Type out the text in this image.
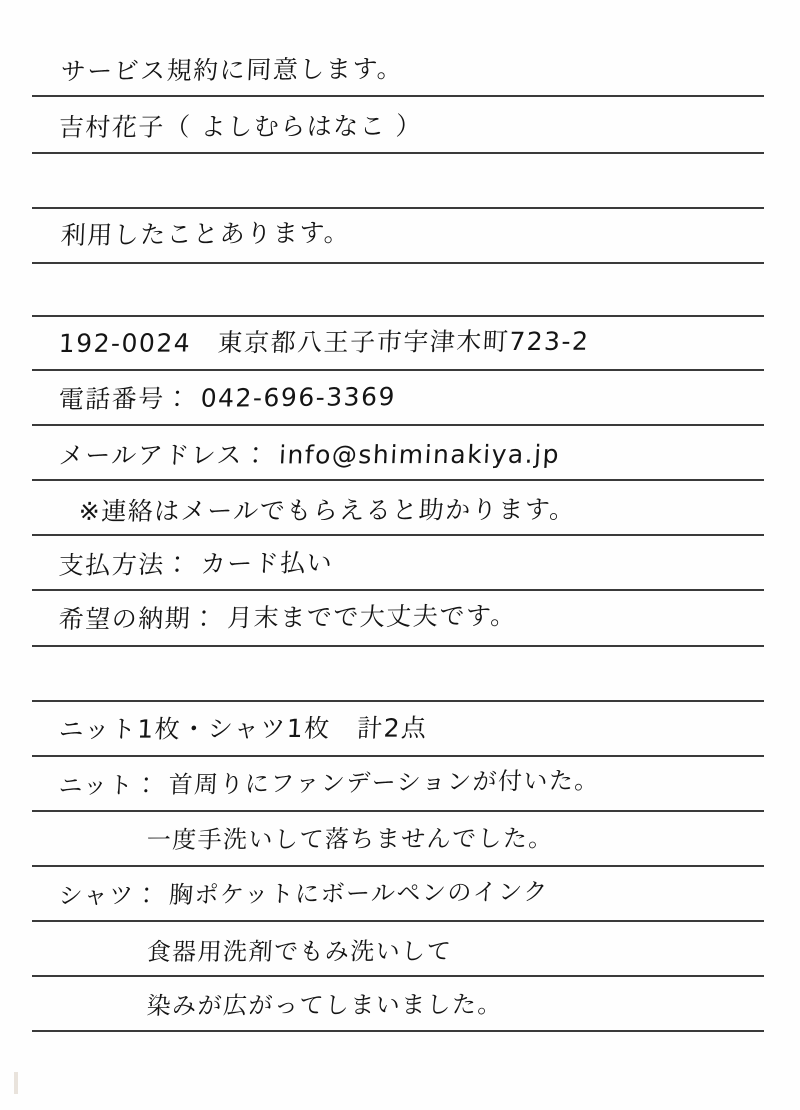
サービス規約に同意します。
吉村花子（ よしむらはなこ ）
利用したことあります。
192-0024　東京都八王子市宇津木町723-2
電話番号： 042-696-3369
メールアドレス： info@shiminakiya.jp
※連絡はメールでもらえると助かります。
支払方法： カード払い
希望の納期： 月末までで大丈夫です。
ニット1枚・シャツ1枚　計2点
ニット： 首周りにファンデーションが付いた。
一度手洗いして落ちませんでした。
シャツ： 胸ポケットにボールペンのインク
食器用洗剤でもみ洗いして
染みが広がってしまいました。
